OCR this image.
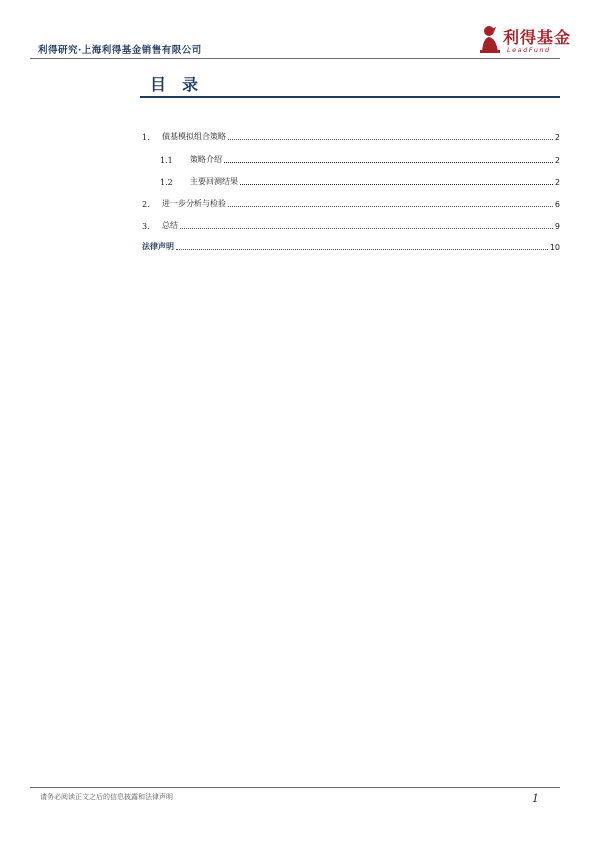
利得研究·上海利得基金销售有限公司
利得基金
LeadFund
目录
1.	债基模拟组合策略	2
1.1	策略介绍	2
1.2	主要回测结果	2
2.	进一步分析与检验	6
3.	总结	9
法律声明	10
请务必阅读正文之后的信息披露和法律声明	1
